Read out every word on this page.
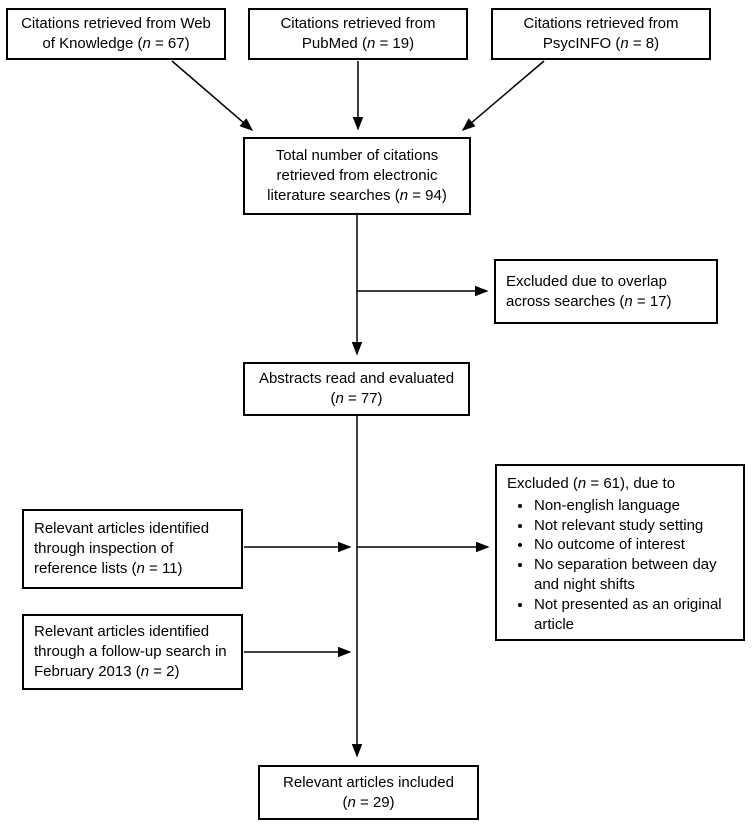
Citations retrieved from Web of Knowledge (n = 67)
Citations retrieved from PubMed (n = 19)
Citations retrieved from PsycINFO (n = 8)
Total number of citations retrieved from electronic literature searches (n = 94)
Excluded due to overlap across searches (n = 17)
Abstracts read and evaluated (n = 77)
Excluded (n = 61), due to
• Non-english language
• Not relevant study setting
• No outcome of interest
• No separation between day and night shifts
• Not presented as an original article
Relevant articles identified through inspection of reference lists (n = 11)
Relevant articles identified through a follow-up search in February 2013 (n = 2)
Relevant articles included (n = 29)
